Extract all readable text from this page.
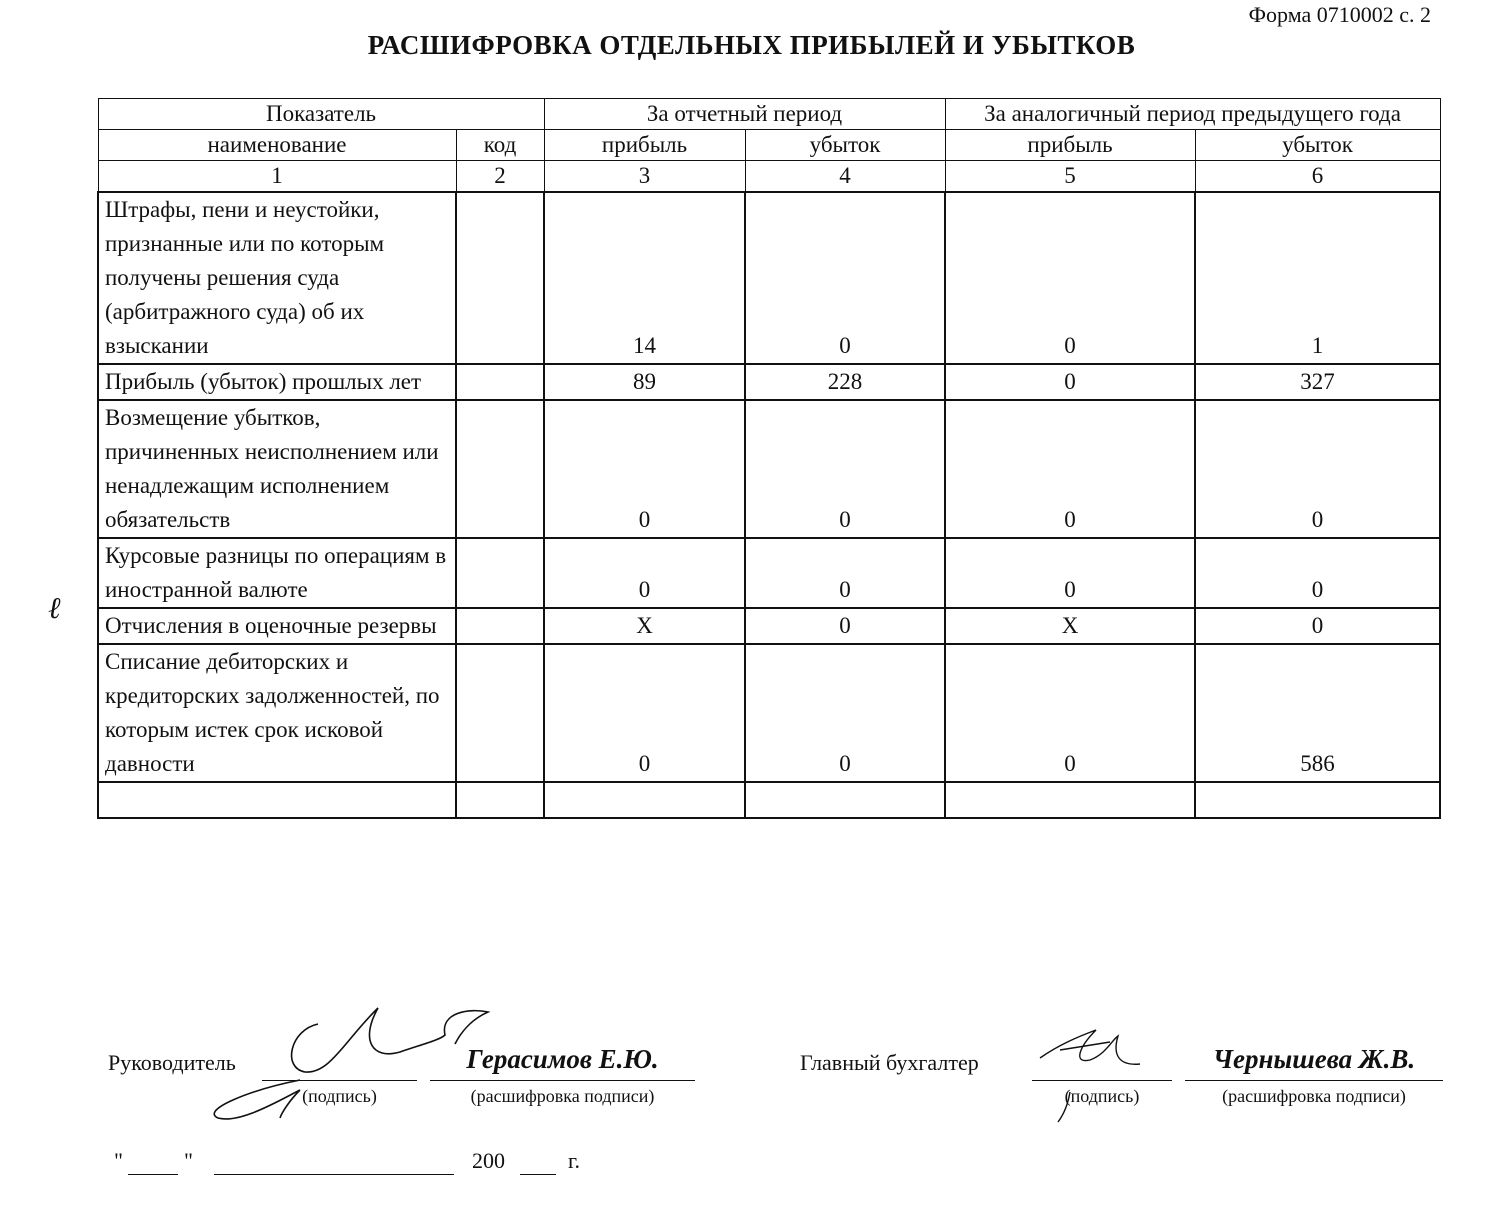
Форма 0710002 с. 2
РАСШИФРОВКА ОТДЕЛЬНЫХ ПРИБЫЛЕЙ И УБЫТКОВ
ℓ
Показатель		За отчетный период		За аналогичный период предыдущего года	
наименование	код	прибыль	убыток	прибыль	убыток
1	2	3	4	5	6
Штрафы, пени и неустойки, признанные или по которым получены решения суда (арбитражного суда) об их взыскании		14	0	0	1
Прибыль (убыток) прошлых лет		89	228	0	327
Возмещение убытков, причиненных неисполнением или ненадлежащим исполнением обязательств		0	0	0	0
Курсовые разницы по операциям в иностранной валюте		0	0	0	0
Отчисления в оценочные резервы		X	0	X	0
Списание дебиторских и кредиторских задолженностей, по которым истек срок исковой давности		0	0	0	586

Руководитель
(подпись)
Герасимов Е.Ю.
(расшифровка подписи)
Главный бухгалтер
(подпись)
Чернышева Ж.В.
(расшифровка подписи)
"	"	200	г.
